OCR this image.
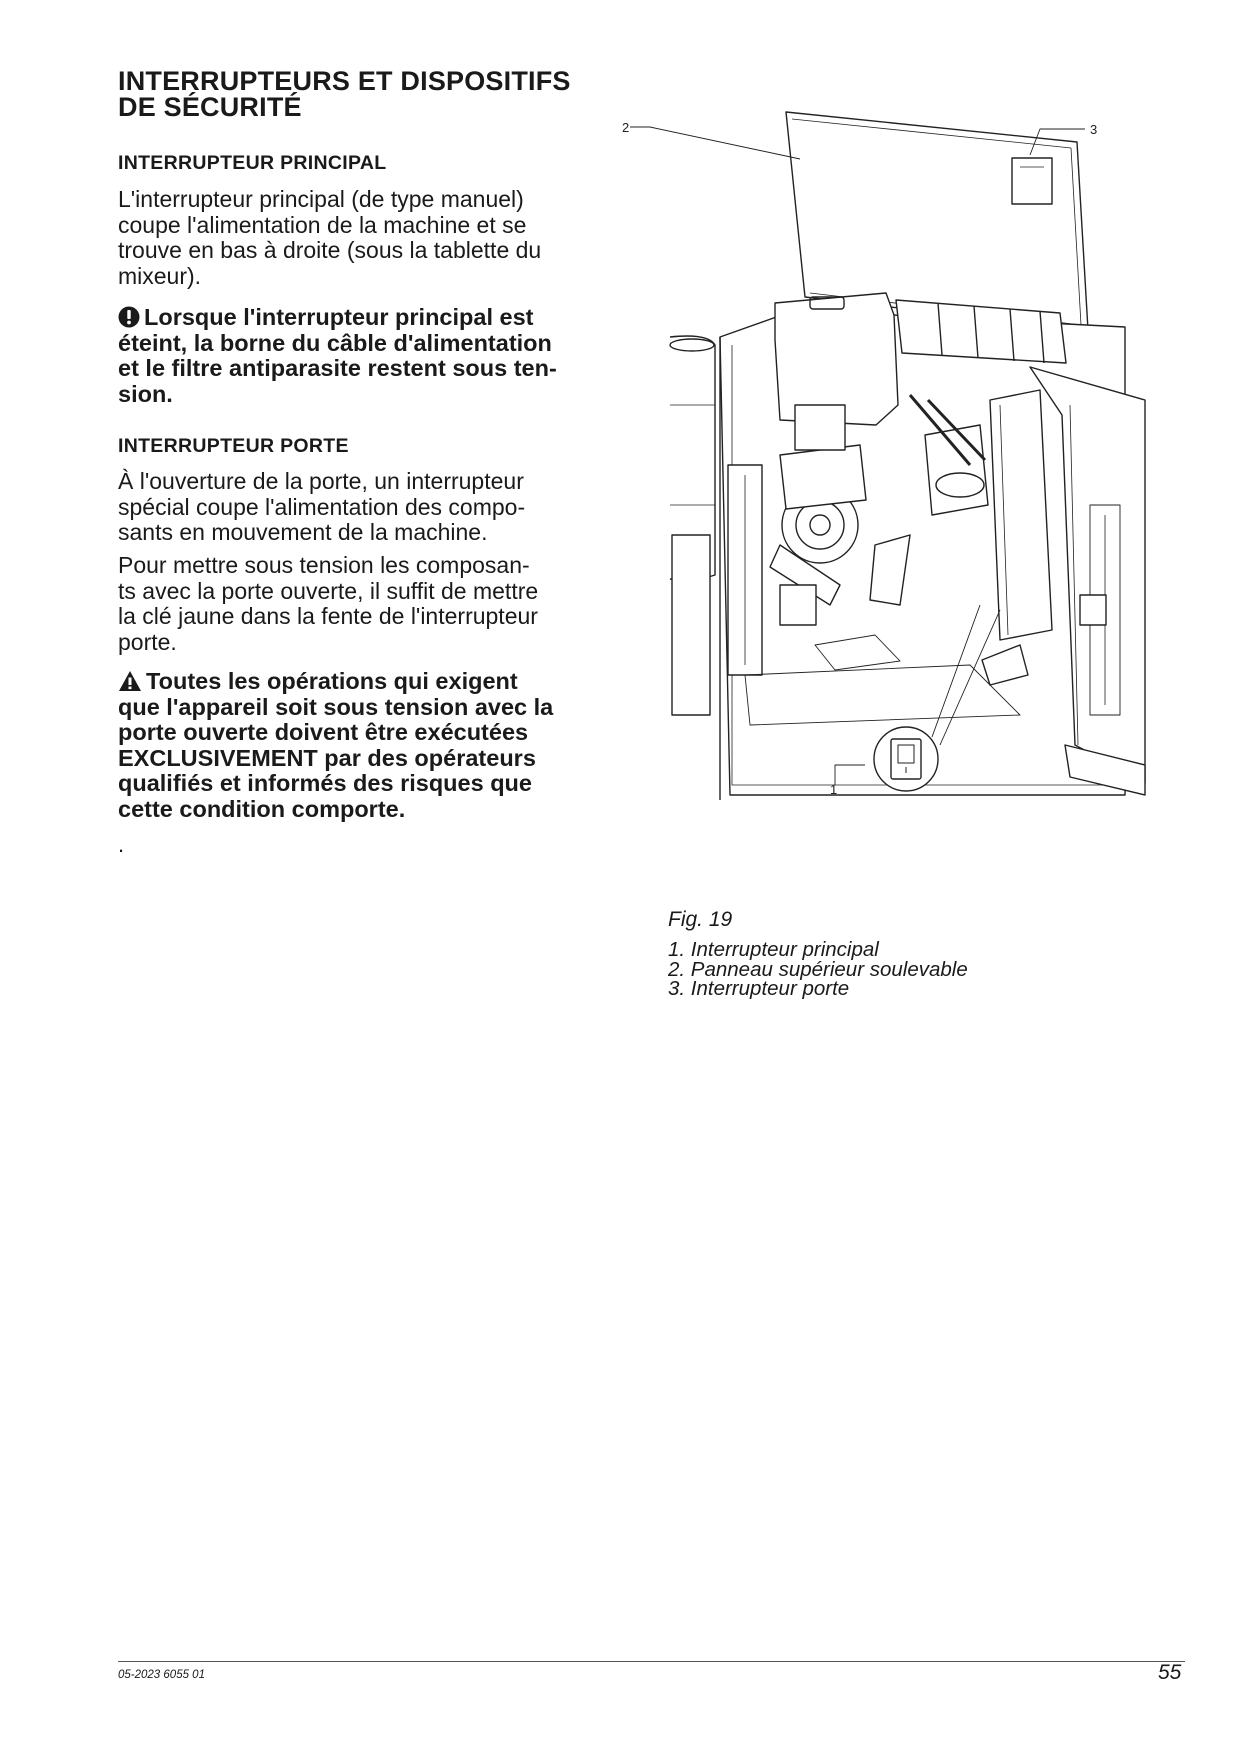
INTERRUPTEURS ET DISPOSITIFS
DE SÉCURITÉ
INTERRUPTEUR PRINCIPAL

L'interrupteur principal (de type manuel)
coupe l'alimentation de la machine et se
trouve en bas à droite (sous la tablette du
mixeur).

Lorsque l'interrupteur principal est
éteint, la borne du câble d'alimentation
et le filtre antiparasite restent sous ten-
sion.

INTERRUPTEUR PORTE

À l'ouverture de la porte, un interrupteur
spécial coupe l'alimentation des compo-
sants en mouvement de la machine.

Pour mettre sous tension les composan-
ts avec la porte ouverte, il suffit de mettre
la clé jaune dans la fente de l'interrupteur
porte.

Toutes les opérations qui exigent
que l'appareil soit sous tension avec la
porte ouverte doivent être exécutées
EXCLUSIVEMENT par des opérateurs
qualifiés et informés des risques que
cette condition comporte.

.
1
2	3

Fig. 19

1. Interrupteur principal
2. Panneau supérieur soulevable
3. Interrupteur porte
05-2023 6055 01	55
